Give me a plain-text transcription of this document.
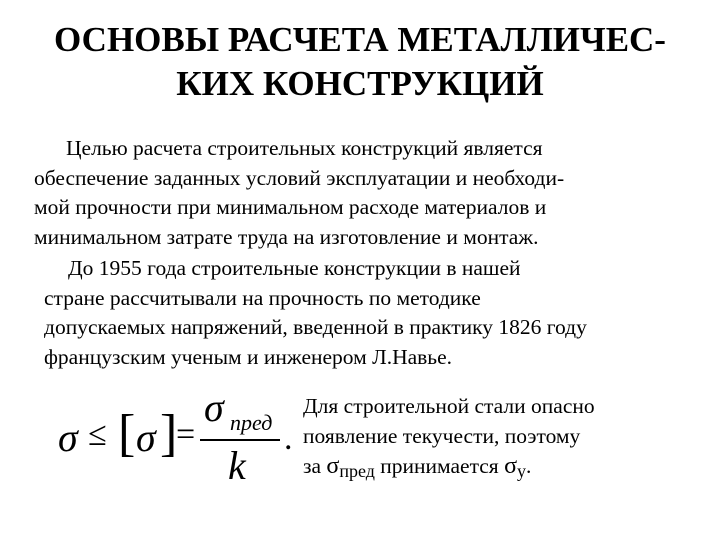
ОСНОВЫ РАСЧЕТА МЕТАЛЛИЧЕС-
КИХ КОНСТРУКЦИЙ
Целью расчета строительных конструкций является
обеспечение заданных условий эксплуатации и необходи-
мой прочности при минимальном расходе материалов и
минимальном затрате труда на изготовление и монтаж.
До 1955 года строительные конструкции в нашей
стране рассчитывали на прочность по методике
допускаемых напряжений, введенной в практику 1826 году
французским ученым и инженером Л.Навье.
σ ≤ [ σ ]
=
σ пред
k
.
Для строительной стали опасно
появление текучести, поэтому
за $\sigma_{пред}$ принимается $\sigma_y$.
